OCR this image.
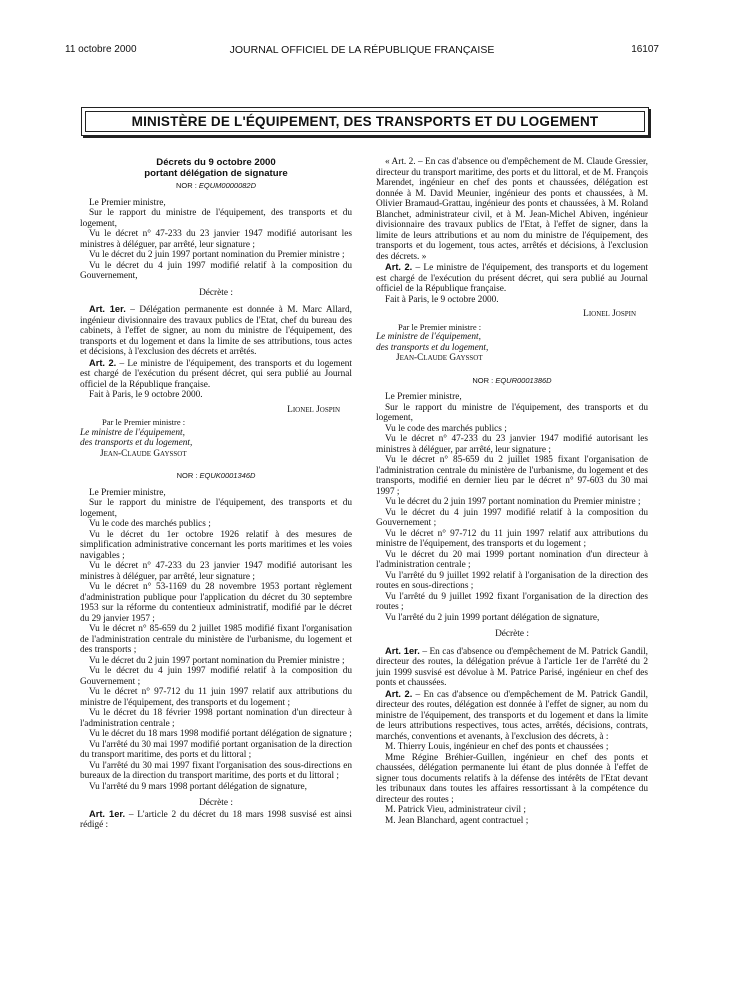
11 octobre 2000	JOURNAL OFFICIEL DE LA RÉPUBLIQUE FRANÇAISE	16107
MINISTÈRE DE L'ÉQUIPEMENT, DES TRANSPORTS ET DU LOGEMENT

Décrets du 9 octobre 2000

portant délégation de signature

NOR : EQUM0000082D

Le Premier ministre,

Sur le rapport du ministre de l'équipement, des transports et du logement,

Vu le décret n° 47-233 du 23 janvier 1947 modifié autorisant les ministres à déléguer, par arrêté, leur signature ;

Vu le décret du 2 juin 1997 portant nomination du Premier ministre ;

Vu le décret du 4 juin 1997 modifié relatif à la composition du Gouvernement,

Décrète :

Art. 1er. – Délégation permanente est donnée à M. Marc Allard, ingénieur divisionnaire des travaux publics de l'Etat, chef du bureau des cabinets, à l'effet de signer, au nom du ministre de l'équipement, des transports et du logement et dans la limite de ses attributions, tous actes et décisions, à l'exclusion des décrets et arrêtés.

Art. 2. – Le ministre de l'équipement, des transports et du logement est chargé de l'exécution du présent décret, qui sera publié au Journal officiel de la République française.

Fait à Paris, le 9 octobre 2000.

Lionel Jospin

Par le Premier ministre :

Le ministre de l'équipement,

des transports et du logement,

Jean-Claude Gayssot

NOR : EQUK0001346D

Le Premier ministre,

Sur le rapport du ministre de l'équipement, des transports et du logement,

Vu le code des marchés publics ;

Vu le décret du 1er octobre 1926 relatif à des mesures de simplification administrative concernant les ports maritimes et les voies navigables ;

Vu le décret n° 47-233 du 23 janvier 1947 modifié autorisant les ministres à déléguer, par arrêté, leur signature ;

Vu le décret n° 53-1169 du 28 novembre 1953 portant règlement d'administration publique pour l'application du décret du 30 septembre 1953 sur la réforme du contentieux administratif, modifié par le décret du 29 janvier 1957 ;

Vu le décret n° 85-659 du 2 juillet 1985 modifié fixant l'organisation de l'administration centrale du ministère de l'urbanisme, du logement et des transports ;

Vu le décret du 2 juin 1997 portant nomination du Premier ministre ;

Vu le décret du 4 juin 1997 modifié relatif à la composition du Gouvernement ;

Vu le décret n° 97-712 du 11 juin 1997 relatif aux attributions du ministre de l'équipement, des transports et du logement ;

Vu le décret du 18 février 1998 portant nomination d'un directeur à l'administration centrale ;

Vu le décret du 18 mars 1998 modifié portant délégation de signature ;

Vu l'arrêté du 30 mai 1997 modifié portant organisation de la direction du transport maritime, des ports et du littoral ;

Vu l'arrêté du 30 mai 1997 fixant l'organisation des sous-directions en bureaux de la direction du transport maritime, des ports et du littoral ;

Vu l'arrêté du 9 mars 1998 portant délégation de signature,

Décrète :

Art. 1er. – L'article 2 du décret du 18 mars 1998 susvisé est ainsi rédigé :

« Art. 2. – En cas d'absence ou d'empêchement de M. Claude Gressier, directeur du transport maritime, des ports et du littoral, et de M. François Marendet, ingénieur en chef des ponts et chaussées, délégation est donnée à M. David Meunier, ingénieur des ponts et chaussées, à M. Olivier Bramaud-Grattau, ingénieur des ponts et chaussées, à M. Roland Blanchet, administrateur civil, et à M. Jean-Michel Abiven, ingénieur divisionnaire des travaux publics de l'Etat, à l'effet de signer, dans la limite de leurs attributions et au nom du ministre de l'équipement, des transports et du logement, tous actes, arrêtés et décisions, à l'exclusion des décrets. »

Art. 2. – Le ministre de l'équipement, des transports et du logement est chargé de l'exécution du présent décret, qui sera publié au Journal officiel de la République française.

Fait à Paris, le 9 octobre 2000.

Lionel Jospin

Par le Premier ministre :

Le ministre de l'équipement,

des transports et du logement,

Jean-Claude Gayssot

NOR : EQUR0001386D

Le Premier ministre,

Sur le rapport du ministre de l'équipement, des transports et du logement,

Vu le code des marchés publics ;

Vu le décret n° 47-233 du 23 janvier 1947 modifié autorisant les ministres à déléguer, par arrêté, leur signature ;

Vu le décret n° 85-659 du 2 juillet 1985 fixant l'organisation de l'administration centrale du ministère de l'urbanisme, du logement et des transports, modifié en dernier lieu par le décret n° 97-603 du 30 mai 1997 ;

Vu le décret du 2 juin 1997 portant nomination du Premier ministre ;

Vu le décret du 4 juin 1997 modifié relatif à la composition du Gouvernement ;

Vu le décret n° 97-712 du 11 juin 1997 relatif aux attributions du ministre de l'équipement, des transports et du logement ;

Vu le décret du 20 mai 1999 portant nomination d'un directeur à l'administration centrale ;

Vu l'arrêté du 9 juillet 1992 relatif à l'organisation de la direction des routes en sous-directions ;

Vu l'arrêté du 9 juillet 1992 fixant l'organisation de la direction des routes ;

Vu l'arrêté du 2 juin 1999 portant délégation de signature,

Décrète :

Art. 1er. – En cas d'absence ou d'empêchement de M. Patrick Gandil, directeur des routes, la délégation prévue à l'article 1er de l'arrêté du 2 juin 1999 susvisé est dévolue à M. Patrice Parisé, ingénieur en chef des ponts et chaussées.

Art. 2. – En cas d'absence ou d'empêchement de M. Patrick Gandil, directeur des routes, délégation est donnée à l'effet de signer, au nom du ministre de l'équipement, des transports et du logement et dans la limite de leurs attributions respectives, tous actes, arrêtés, décisions, contrats, marchés, conventions et avenants, à l'exclusion des décrets, à :

M. Thierry Louis, ingénieur en chef des ponts et chaussées ;

Mme Régine Bréhier-Guillen, ingénieur en chef des ponts et chaussées, délégation permanente lui étant de plus donnée à l'effet de signer tous documents relatifs à la défense des intérêts de l'Etat devant les tribunaux dans toutes les affaires ressortissant à la compétence du directeur des routes ;

M. Patrick Vieu, administrateur civil ;

M. Jean Blanchard, agent contractuel ;
